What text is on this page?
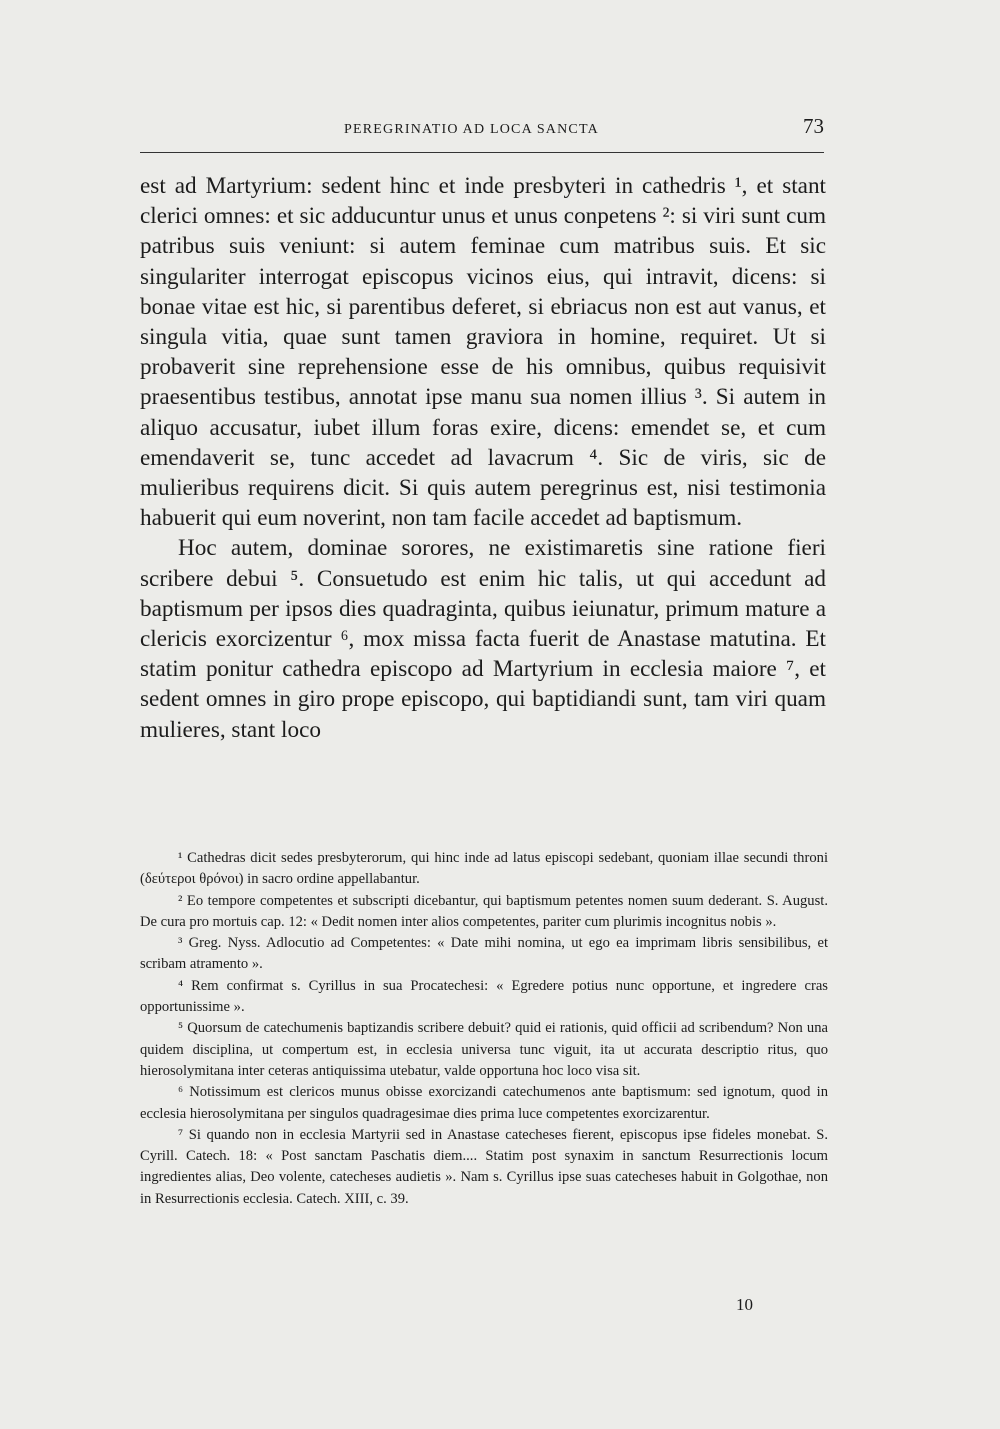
PEREGRINATIO AD LOCA SANCTA	73

est ad Martyrium: sedent hinc et inde presbyteri in cathedris ¹, et stant clerici omnes: et sic adducuntur unus et unus conpetens ²: si viri sunt cum patribus suis veniunt: si autem feminae cum matribus suis. Et sic singulariter interrogat episcopus vicinos eius, qui intravit, dicens: si bonae vitae est hic, si parentibus deferet, si ebriacus non est aut vanus, et singula vitia, quae sunt tamen graviora in homine, requiret. Ut si probaverit sine reprehensione esse de his omnibus, quibus requisivit praesentibus testibus, annotat ipse manu sua nomen illius ³. Si autem in aliquo accusatur, iubet illum foras exire, dicens: emendet se, et cum emendaverit se, tunc accedet ad lavacrum ⁴. Sic de viris, sic de mulieribus requirens dicit. Si quis autem peregrinus est, nisi testimonia habuerit qui eum noverint, non tam facile accedet ad baptismum.

Hoc autem, dominae sorores, ne existimaretis sine ratione fieri scribere debui ⁵. Consuetudo est enim hic talis, ut qui accedunt ad baptismum per ipsos dies quadraginta, quibus ieiunatur, primum mature a clericis exorcizentur ⁶, mox missa facta fuerit de Anastase matutina. Et statim ponitur cathedra episcopo ad Martyrium in ecclesia maiore ⁷, et sedent omnes in giro prope episcopo, qui baptidiandi sunt, tam viri quam mulieres, stant loco

¹ Cathedras dicit sedes presbyterorum, qui hinc inde ad latus episcopi sedebant, quoniam illae secundi throni (δεύτεροι θρόνοι) in sacro ordine appellabantur.

² Eo tempore competentes et subscripti dicebantur, qui baptismum petentes nomen suum dederant. S. August. De cura pro mortuis cap. 12: « Dedit nomen inter alios competentes, pariter cum plurimis incognitus nobis ».

³ Greg. Nyss. Adlocutio ad Competentes: « Date mihi nomina, ut ego ea imprimam libris sensibilibus, et scribam atramento ».

⁴ Rem confirmat s. Cyrillus in sua Procatechesi: « Egredere potius nunc opportune, et ingredere cras opportunissime ».

⁵ Quorsum de catechumenis baptizandis scribere debuit? quid ei rationis, quid officii ad scribendum? Non una quidem disciplina, ut compertum est, in ecclesia universa tunc viguit, ita ut accurata descriptio ritus, quo hierosolymitana inter ceteras antiquissima utebatur, valde opportuna hoc loco visa sit.

⁶ Notissimum est clericos munus obisse exorcizandi catechumenos ante baptismum: sed ignotum, quod in ecclesia hierosolymitana per singulos quadragesimae dies prima luce competentes exorcizarentur.

⁷ Si quando non in ecclesia Martyrii sed in Anastase catecheses fierent, episcopus ipse fideles monebat. S. Cyrill. Catech. 18: « Post sanctam Paschatis diem.... Statim post synaxim in sanctum Resurrectionis locum ingredientes alias, Deo volente, catecheses audietis ». Nam s. Cyrillus ipse suas catecheses habuit in Golgothae, non in Resurrectionis ecclesia. Catech. XIII, c. 39.

10
